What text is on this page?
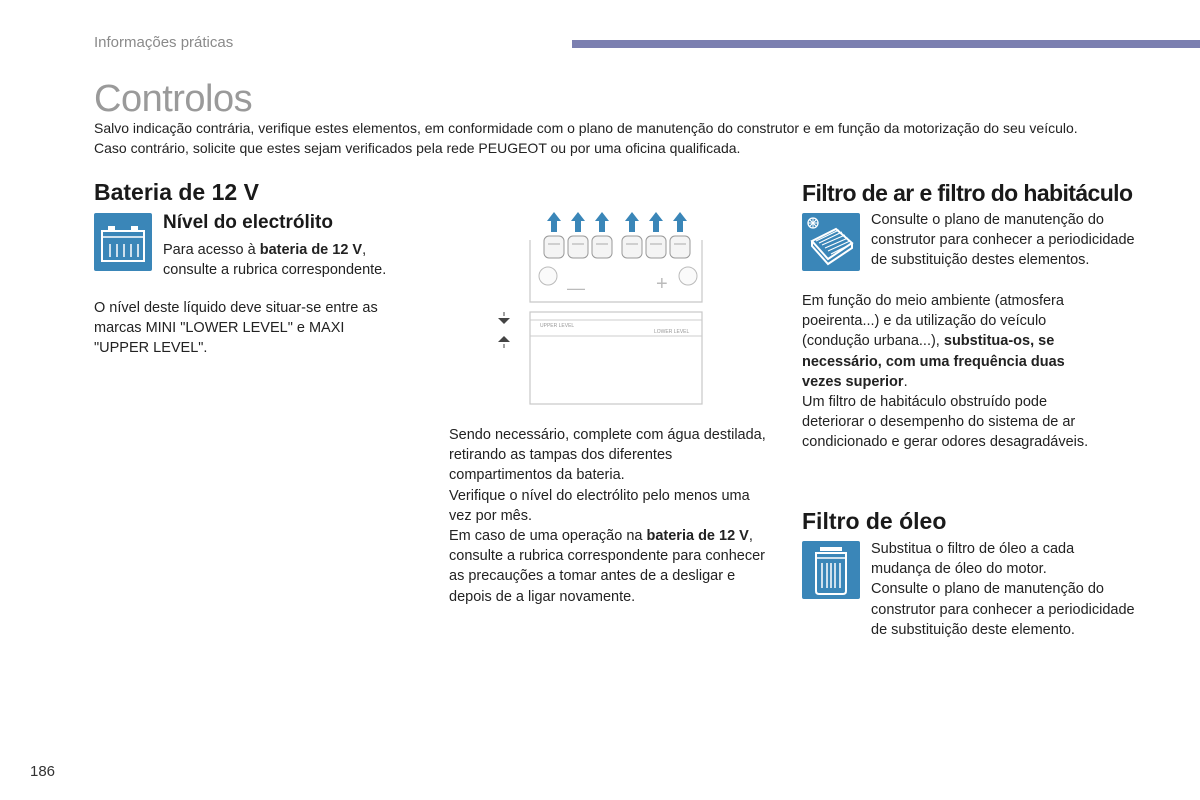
Informações práticas
Controlos
Salvo indicação contrária, verifique estes elementos, em conformidade com o plano de manutenção do construtor e em função da motorização do seu veículo.
Caso contrário, solicite que estes sejam verificados pela rede PEUGEOT ou por uma oficina qualificada.
Bateria de 12 V
Nível do electrólito
Para acesso à bateria de 12 V,
consulte a rubrica correspondente.
O nível deste líquido deve situar-se entre as marcas MINI "LOWER LEVEL" e MAXI "UPPER LEVEL".
—	+
UPPER LEVEL
LOWER LEVEL
Sendo necessário, complete com água destilada, retirando as tampas dos diferentes compartimentos da bateria.
Verifique o nível do electrólito pelo menos uma vez por mês.
Em caso de uma operação na bateria de 12 V, consulte a rubrica correspondente para conhecer as precauções a tomar antes de a desligar e depois de a ligar novamente.
Filtro de ar e filtro do habitáculo
Consulte o plano de manutenção do construtor para conhecer a periodicidade de substituição destes elementos.
Em função do meio ambiente (atmosfera poeirenta...) e da utilização do veículo (condução urbana...), substitua-os, se necessário, com uma frequência duas vezes superior.
Um filtro de habitáculo obstruído pode deteriorar o desempenho do sistema de ar condicionado e gerar odores desagradáveis.
Filtro de óleo
Substitua o filtro de óleo a cada mudança de óleo do motor.
Consulte o plano de manutenção do construtor para conhecer a periodicidade de substituição deste elemento.
186
